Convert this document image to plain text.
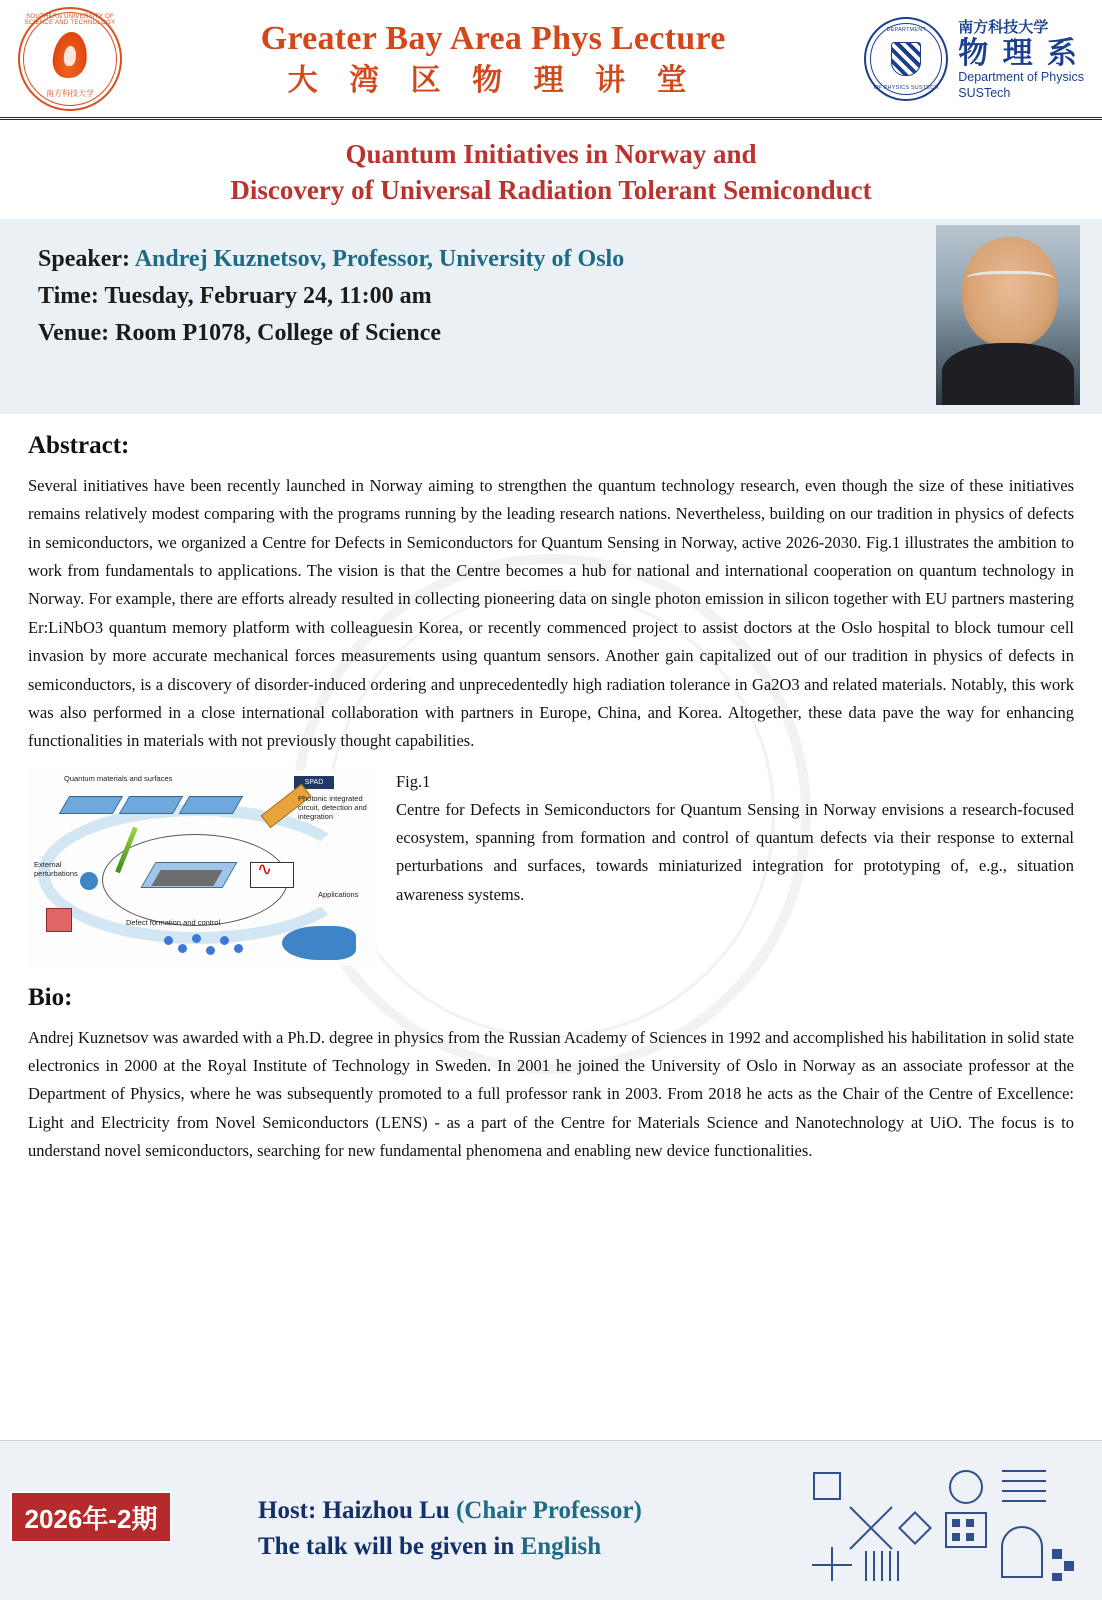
SOUTHERN UNIVERSITY OF SCIENCE AND TECHNOLOGY
南方科技大学
Greater Bay Area Phys Lecture
大 湾 区 物 理 讲 堂
DEPARTMENT
OF PHYSICS SUSTECH
南方科技大学
物 理 系
Department of Physics
SUSTech
Quantum Initiatives in Norway and
Discovery of Universal Radiation Tolerant Semiconduct
Speaker: Andrej Kuznetsov, Professor, University of Oslo
Time: Tuesday, February 24, 11:00 am
Venue: Room P1078, College of Science
Abstract:

Several initiatives have been recently launched in Norway aiming to strengthen the quantum technology research, even though the size of these initiatives remains relatively modest comparing with the programs running by the leading research nations. Nevertheless, building on our tradition in physics of defects in semiconductors, we organized a Centre for Defects in Semiconductors for Quantum Sensing in Norway, active 2026-2030. Fig.1 illustrates the ambition to work from fundamentals to applications. The vision is that the Centre becomes a hub for national and international cooperation on quantum technology in Norway. For example, there are efforts already resulted in collecting pioneering data on single photon emission in silicon together with EU partners mastering Er:LiNbO3 quantum memory platform with colleaguesin Korea, or recently commenced project to assist doctors at the Oslo hospital to block tumour cell invasion by more accurate mechanical forces measurements using quantum sensors. Another gain capitalized out of our tradition in physics of defects in semiconductors, is a discovery of disorder-induced ordering and unprecedentedly high radiation tolerance in Ga2O3 and related materials. Notably, this work was also performed in a close international collaboration with partners in Europe, China, and Korea. Altogether, these data pave the way for enhancing functionalities in materials with not previously thought capabilities.

Quantum materials and surfaces	SPAD
∿
External perturbations
Photonic integrated circuit, detection and integration
Applications
Defect formation and control
Fig.1
Centre for Defects in Semiconductors for Quantum Sensing in Norway envisions a research-focused ecosystem, spanning from formation and control of quantum defects via their response to external perturbations and surfaces, towards miniaturized integration for prototyping of, e.g., situation awareness systems.
Bio:

Andrej Kuznetsov was awarded with a Ph.D. degree in physics from the Russian Academy of Sciences in 1992 and accomplished his habilitation in solid state electronics in 2000 at the Royal Institute of Technology in Sweden. In 2001 he joined the University of Oslo in Norway as an associate professor at the Department of Physics, where he was subsequently promoted to a full professor rank in 2003. From 2018 he acts as the Chair of the Centre of Excellence: Light and Electricity from Novel Semiconductors (LENS) - as a part of the Centre for Materials Science and Nanotechnology at UiO. The focus is to understand novel semiconductors, searching for new fundamental phenomena and enabling new device functionalities.

2026年-2期	Host: Haizhou Lu (Chair Professor)
The talk will be given in English
